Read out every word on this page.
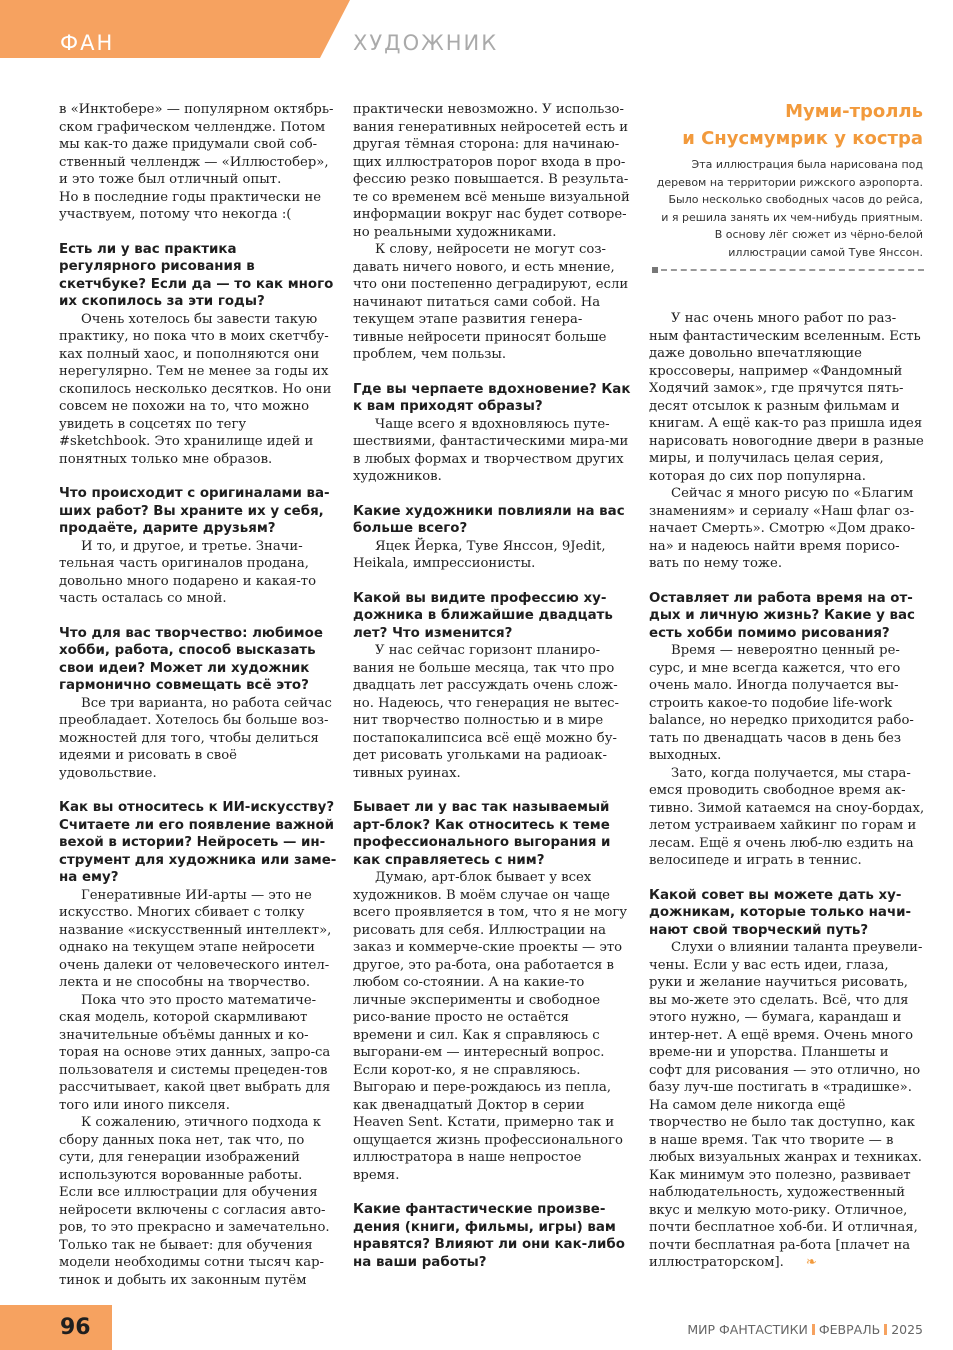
ФАН	ХУДОЖНИК

в «Инктобере» — популярном октябрь-ском графическом челлендже. Потом мы как-то даже придумали свой соб-ственный челлендж — «Иллюстобер», и это тоже был отличный опыт.

Но в последние годы практически не участвуем, потому что некогда :(

Есть ли у вас практика регулярного рисования в скетчбуке? Если да — то как много их скопилось за эти годы?

Очень хотелось бы завести такую практику, но пока что в моих скетчбу-ках полный хаос, и пополняются они нерегулярно. Тем не менее за годы их скопилось несколько десятков. Но они совсем не похожи на то, что можно увидеть в соцсетях по тегу #sketchbook. Это хранилище идей и понятных только мне образов.

Что происходит с оригиналами ва-ших работ? Вы храните их у себя, продаёте, дарите друзьям?

И то, и другое, и третье. Значи-тельная часть оригиналов продана, довольно много подарено и какая-то часть осталась со мной.

Что для вас творчество: любимое хобби, работа, способ высказать свои идеи? Может ли художник гармонично совмещать всё это?

Все три варианта, но работа сейчас преобладает. Хотелось бы больше воз-можностей для того, чтобы делиться идеями и рисовать в своё удовольствие.

Как вы относитесь к ИИ-искусству? Считаете ли его появление важной вехой в истории? Нейросеть — ин-струмент для художника или заме-на ему?

Генеративные ИИ-арты — это не искусство. Многих сбивает с толку название «искусственный интеллект», однако на текущем этапе нейросети очень далеки от человеческого интел-лекта и не способны на творчество.

Пока что это просто математиче-ская модель, которой скармливают значительные объёмы данных и ко-торая на основе этих данных, запро-са пользователя и системы прецеден-тов рассчитывает, какой цвет выбрать для того или иного пикселя.

К сожалению, этичного подхода к сбору данных пока нет, так что, по сути, для генерации изображений используются ворованные работы. Если все иллюстрации для обучения нейросети включены с согласия авто-ров, то это прекрасно и замечательно. Только так не бывает: для обучения модели необходимы сотни тысяч кар-тинок и добыть их законным путём

практически невозможно. У использо-вания генеративных нейросетей есть и другая тёмная сторона: для начинаю-щих иллюстраторов порог входа в про-фессию резко повышается. В результа-те со временем всё меньше визуальной информации вокруг нас будет сотворе-но реальными художниками.

К слову, нейросети не могут соз-давать ничего нового, и есть мнение, что они постепенно деградируют, если начинают питаться сами собой. На текущем этапе развития генера-тивные нейросети приносят больше проблем, чем пользы.

Где вы черпаете вдохновение? Как к вам приходят образы?

Чаще всего я вдохновляюсь путе-шествиями, фантастическими мира-ми в любых формах и творчеством других художников.

Какие художники повлияли на вас больше всего?

Яцек Йерка, Туве Янссон, 9Jedit, Heikala, импрессионисты.

Какой вы видите профессию ху-дожника в ближайшие двадцать лет? Что изменится?

У нас сейчас горизонт планиро-вания не больше месяца, так что про двадцать лет рассуждать очень слож-но. Надеюсь, что генерация не вытес-нит творчество полностью и в мире постапокалипсиса всё ещё можно бу-дет рисовать угольками на радиоак-тивных руинах.

Бывает ли у вас так называемый арт-блок? Как относитесь к теме профессионального выгорания и как справляетесь с ним?

Думаю, арт-блок бывает у всех художников. В моём случае он чаще всего проявляется в том, что я не могу рисовать для себя. Иллюстрации на заказ и коммерче-ские проекты — это другое, это ра-бота, она работается в любом со-стоянии. А на какие-то личные эксперименты и свободное рисо-вание просто не остаётся времени и сил. Как я справляюсь с выгорани-ем — интересный вопрос. Если корот-ко, я не справляюсь. Выгораю и пере-рождаюсь из пепла, как двенадцатый Доктор в серии Heaven Sent. Кстати, примерно так и ощущается жизнь профессионального иллюстратора в наше непростое время.

Какие фантастические произве-дения (книги, фильмы, игры) вам нравятся? Влияют ли они как-либо на ваши работы?
Муми-тролль
и Снусмумрик у костра
Эта иллюстрация была нарисована под
деревом на территории рижского аэропорта.
Было несколько свободных часов до рейса,
и я решила занять их чем-нибудь приятным.
В основу лёг сюжет из чёрно-белой
иллюстрации самой Туве Янссон.

У нас очень много работ по раз-ным фантастическим вселенным. Есть даже довольно впечатляющие кроссоверы, например «Фандомный Ходячий замок», где прячутся пять-десят отсылок к разным фильмам и книгам. А ещё как-то раз пришла идея нарисовать новогодние двери в разные миры, и получилась целая серия, которая до сих пор популярна.

Сейчас я много рисую по «Благим знамениям» и сериалу «Наш флаг оз-начает Смерть». Смотрю «Дом драко-на» и надеюсь найти время порисо-вать по нему тоже.

Оставляет ли работа время на от-дых и личную жизнь? Какие у вас есть хобби помимо рисования?

Время — невероятно ценный ре-сурс, и мне всегда кажется, что его очень мало. Иногда получается вы-строить какое-то подобие life-work balance, но нередко приходится рабо-тать по двенадцать часов в день без выходных.

Зато, когда получается, мы стара-емся проводить свободное время ак-тивно. Зимой катаемся на сноу-бордах, летом устраиваем хайкинг по горам и лесам. Ещё я очень люб-лю ездить на велосипеде и играть в теннис.

Какой совет вы можете дать ху-дожникам, которые только начи-нают свой творческий путь?

Слухи о влиянии таланта преувели-чены. Если у вас есть идеи, глаза, руки и желание научиться рисовать, вы мо-жете это сделать. Всё, что для этого нужно, — бумага, карандаш и интер-нет. А ещё время. Очень много време-ни и упорства. Планшеты и софт для рисования — это отлично, но базу луч-ше постигать в «традишке». На самом деле никогда ещё творчество не было так доступно, как в наше время. Так что творите — в любых визуальных жанрах и техниках. Как минимум это полезно, развивает наблюдательность, художественный вкус и мелкую мото-рику. Отличное, почти бесплатное хоб-би. И отличная, почти бесплатная ра-бота [плачет на иллюстраторском].❧

96	МИР ФАНТАСТИКИ ФЕВРАЛЬ 2025
